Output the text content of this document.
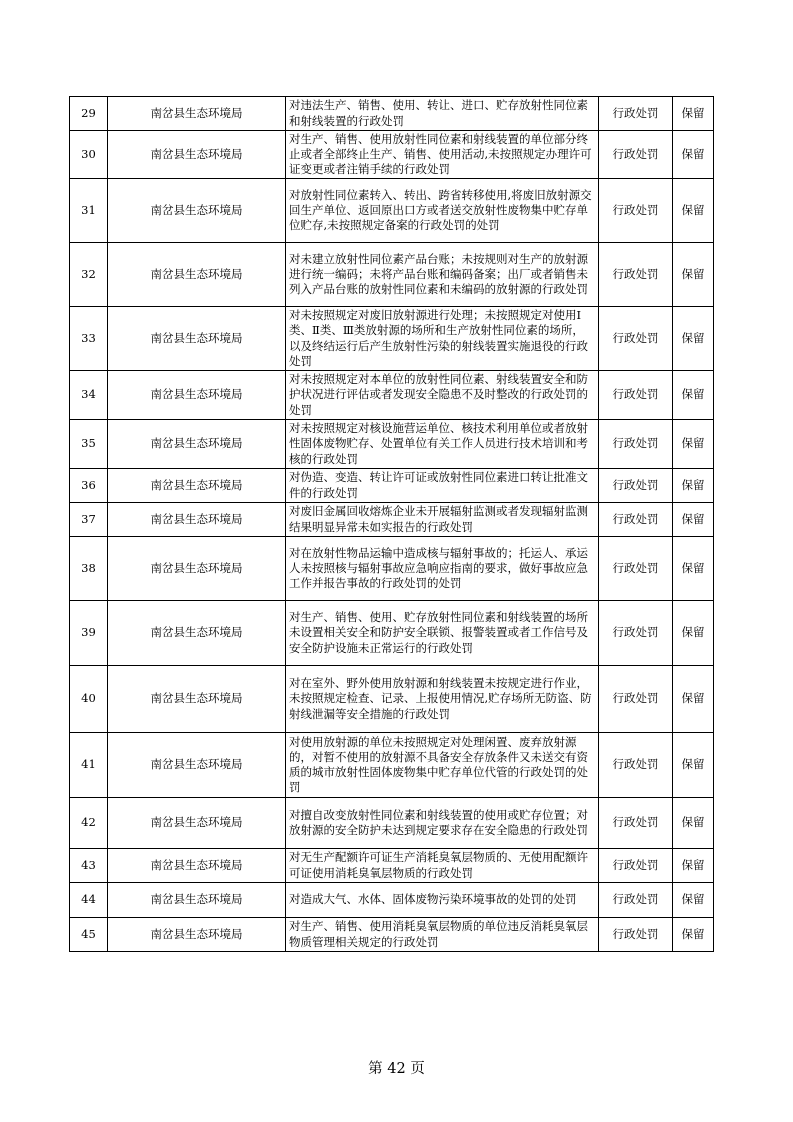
29	南岔县生态环境局	对违法生产、销售、使用、转让、进口、贮存放射性同位素和射线装置的行政处罚	行政处罚	保留
30	南岔县生态环境局	对生产、销售、使用放射性同位素和射线装置的单位部分终止或者全部终止生产、销售、使用活动,未按照规定办理许可证变更或者注销手续的行政处罚	行政处罚	保留
31	南岔县生态环境局	对放射性同位素转入、转出、跨省转移使用,将废旧放射源交回生产单位、返回原出口方或者送交放射性废物集中贮存单位贮存,未按照规定备案的行政处罚的处罚	行政处罚	保留
32	南岔县生态环境局	对未建立放射性同位素产品台账；未按规则对生产的放射源进行统一编码；未将产品台账和编码备案；出厂或者销售未列入产品台账的放射性同位素和未编码的放射源的行政处罚	行政处罚	保留
33	南岔县生态环境局	对未按照规定对废旧放射源进行处理；未按照规定对使用Ⅰ类、Ⅱ类、Ⅲ类放射源的场所和生产放射性同位素的场所，以及终结运行后产生放射性污染的射线装置实施退役的行政处罚	行政处罚	保留
34	南岔县生态环境局	对未按照规定对本单位的放射性同位素、射线装置安全和防护状况进行评估或者发现安全隐患不及时整改的行政处罚的处罚	行政处罚	保留
35	南岔县生态环境局	对未按照规定对核设施营运单位、核技术利用单位或者放射性固体废物贮存、处置单位有关工作人员进行技术培训和考核的行政处罚	行政处罚	保留
36	南岔县生态环境局	对伪造、变造、转让许可证或放射性同位素进口转让批准文件的行政处罚	行政处罚	保留
37	南岔县生态环境局	对废旧金属回收熔炼企业未开展辐射监测或者发现辐射监测结果明显异常未如实报告的行政处罚	行政处罚	保留
38	南岔县生态环境局	对在放射性物品运输中造成核与辐射事故的；托运人、承运人未按照核与辐射事故应急响应指南的要求，做好事故应急工作并报告事故的行政处罚的处罚	行政处罚	保留
39	南岔县生态环境局	对生产、销售、使用、贮存放射性同位素和射线装置的场所未设置相关安全和防护安全联锁、报警装置或者工作信号及安全防护设施未正常运行的行政处罚	行政处罚	保留
40	南岔县生态环境局	对在室外、野外使用放射源和射线装置未按规定进行作业，未按照规定检查、记录、上报使用情况,贮存场所无防盗、防射线泄漏等安全措施的行政处罚	行政处罚	保留
41	南岔县生态环境局	对使用放射源的单位未按照规定对处理闲置、废弃放射源的，对暂不使用的放射源不具备安全存放条件又未送交有资质的城市放射性固体废物集中贮存单位代管的行政处罚的处罚	行政处罚	保留
42	南岔县生态环境局	对擅自改变放射性同位素和射线装置的使用或贮存位置；对放射源的安全防护未达到规定要求存在安全隐患的行政处罚	行政处罚	保留
43	南岔县生态环境局	对无生产配额许可证生产消耗臭氧层物质的、无使用配额许可证使用消耗臭氧层物质的行政处罚	行政处罚	保留
44	南岔县生态环境局	对造成大气、水体、固体废物污染环境事故的处罚的处罚	行政处罚	保留
45	南岔县生态环境局	对生产、销售、使用消耗臭氧层物质的单位违反消耗臭氧层物质管理相关规定的行政处罚	行政处罚	保留
第 42 页
